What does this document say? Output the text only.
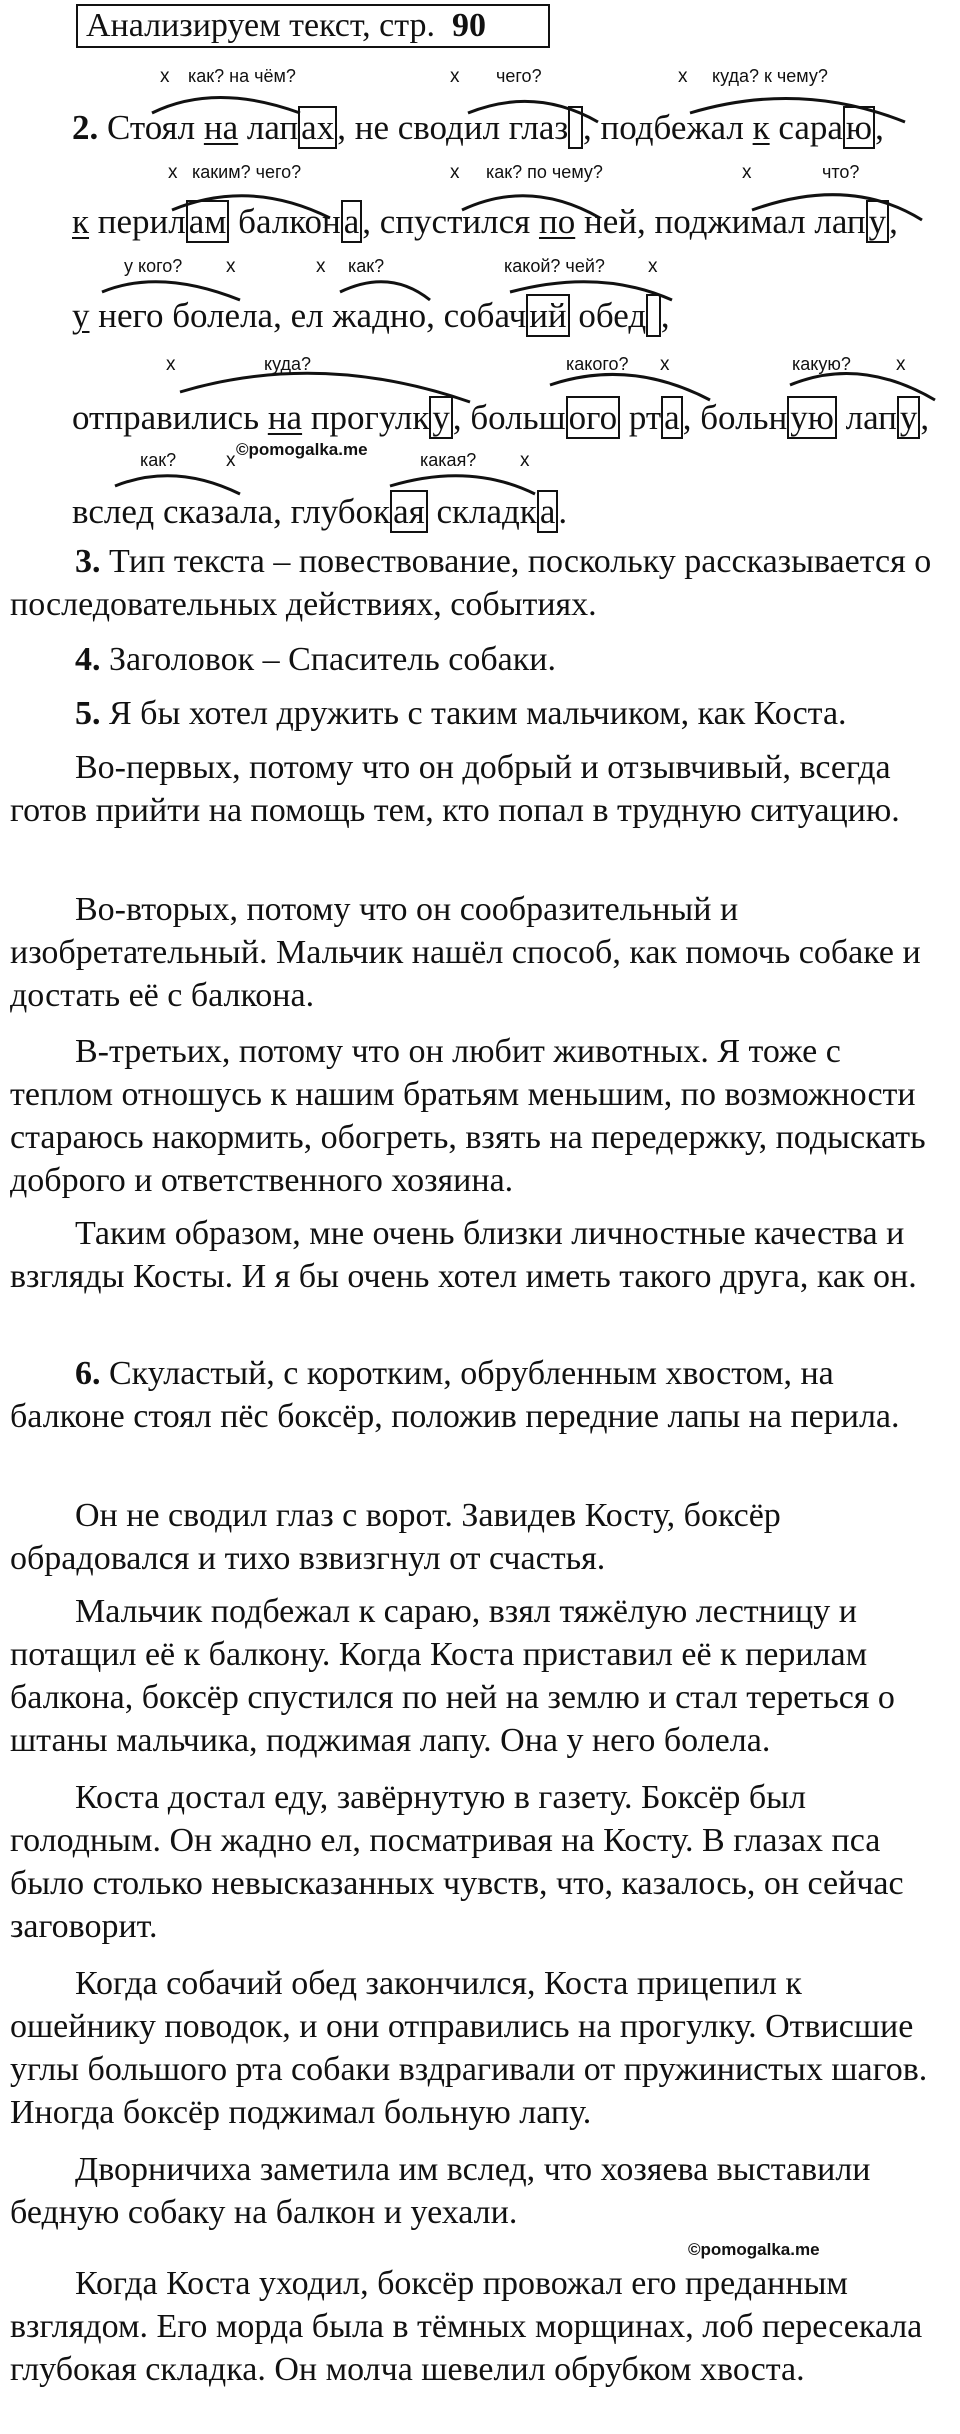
Анализируем текст, стр. 90
как? на чём?
x	x чего?	x куда? к чему?
2. Стоял на лапах, не сводил глаз , подбежал к сараю,
x каким? чего?	x как? по чему?	x	что?
к перилам балкона, спустился по ней, поджимал лапу,
у кого? x	x как?	какой? чей? x
у него болела, ел жадно, собачий обед ,
x	куда?	какого? x	какую? x
отправились на прогулку, большого рта, больную лапу,
©pomogalka.me
как?	x	какая? x
вслед сказала, глубокая складка.

3. Тип текста – повествование, поскольку рассказывается о последовательных действиях, событиях.

4. Заголовок – Спаситель собаки.

5. Я бы хотел дружить с таким мальчиком, как Коста.

Во-первых, потому что он добрый и отзывчивый, всегда готов прийти на помощь тем, кто попал в трудную ситуацию.

Во-вторых, потому что он сообразительный и изобретательный. Мальчик нашёл способ, как помочь собаке и достать её с балкона.

В-третьих, потому что он любит животных. Я тоже с теплом отношусь к нашим братьям меньшим, по возможности стараюсь накормить, обогреть, взять на передержку, подыскать доброго и ответственного хозяина.

Таким образом, мне очень близки личностные качества и взгляды Косты. И я бы очень хотел иметь такого друга, как он.

6. Скуластый, с коротким, обрубленным хвостом, на балконе стоял пёс боксёр, положив передние лапы на перила.

Он не сводил глаз с ворот. Завидев Косту, боксёр обрадовался и тихо взвизгнул от счастья.

Мальчик подбежал к сараю, взял тяжёлую лестницу и потащил её к балкону. Когда Коста приставил её к перилам балкона, боксёр спустился по ней на землю и стал тереться о штаны мальчика, поджимая лапу. Она у него болела.

Коста достал еду, завёрнутую в газету. Боксёр был голодным. Он жадно ел, посматривая на Косту. В глазах пса было столько невысказанных чувств, что, казалось, он сейчас заговорит.

Когда собачий обед закончился, Коста прицепил к ошейнику поводок, и они отправились на прогулку. Отвисшие углы большого рта собаки вздрагивали от пружинистых шагов. Иногда боксёр поджимал больную лапу.

Дворничиха заметила им вслед, что хозяева выставили бедную собаку на балкон и уехали.

©pomogalka.me

Когда Коста уходил, боксёр провожал его преданным взглядом. Его морда была в тёмных морщинах, лоб пересекала глубокая складка. Он молча шевелил обрубком хвоста.
